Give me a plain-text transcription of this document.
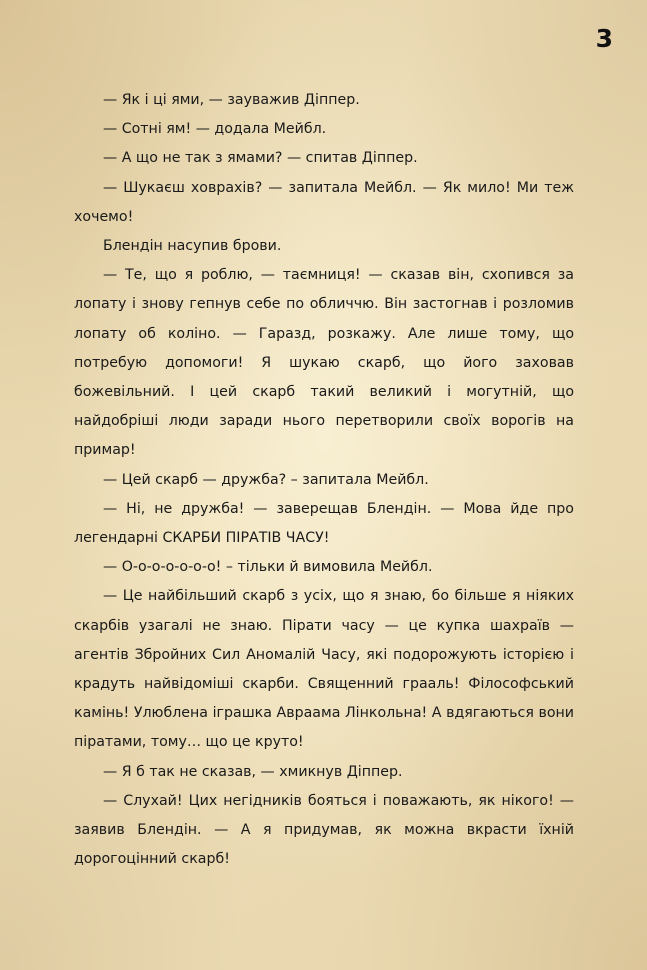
3

— Як і ці ями, — зауважив Діппер.

— Сотні ям! — додала Мейбл.

— А що не так з ямами? — спитав Діппер.

— Шукаєш ховрахів? — запитала Мейбл. — Як мило! Ми теж хочемо!

Блендін насупив брови.

— Те, що я роблю, — таємниця! — сказав він, схопився за лопату і знову гепнув себе по обличчю. Він застогнав і розломив лопату об коліно. — Гаразд, розкажу. Але лише тому, що потребую допомоги! Я шукаю скарб, що його заховав божевільний. І цей скарб такий великий і могутній, що найдобріші люди заради нього перетворили своїх ворогів на примар!

— Цей скарб — дружба? – запитала Мейбл.

— Ні, не дружба! — заверещав Блендін. — Мова йде про легендарні СКАРБИ ПІРАТІВ ЧАСУ!

— О-о-о-о-о-о-о! – тільки й вимовила Мейбл.

— Це найбільший скарб з усіх, що я знаю, бо більше я ніяких скарбів узагалі не знаю. Пірати часу — це купка шахраїв — агентів Збройних Сил Аномалій Часу, які подорожують історією і крадуть найвідоміші скарби. Священний грааль! Філософський камінь! Улюблена іграшка Авраама Лінкольна! А вдягаються вони піратами, тому… що це круто!

— Я б так не сказав, — хмикнув Діппер.

— Слухай! Цих негідників бояться і поважають, як нікого! — заявив Блендін. — А я придумав, як можна вкрасти їхній дорогоцінний скарб!
